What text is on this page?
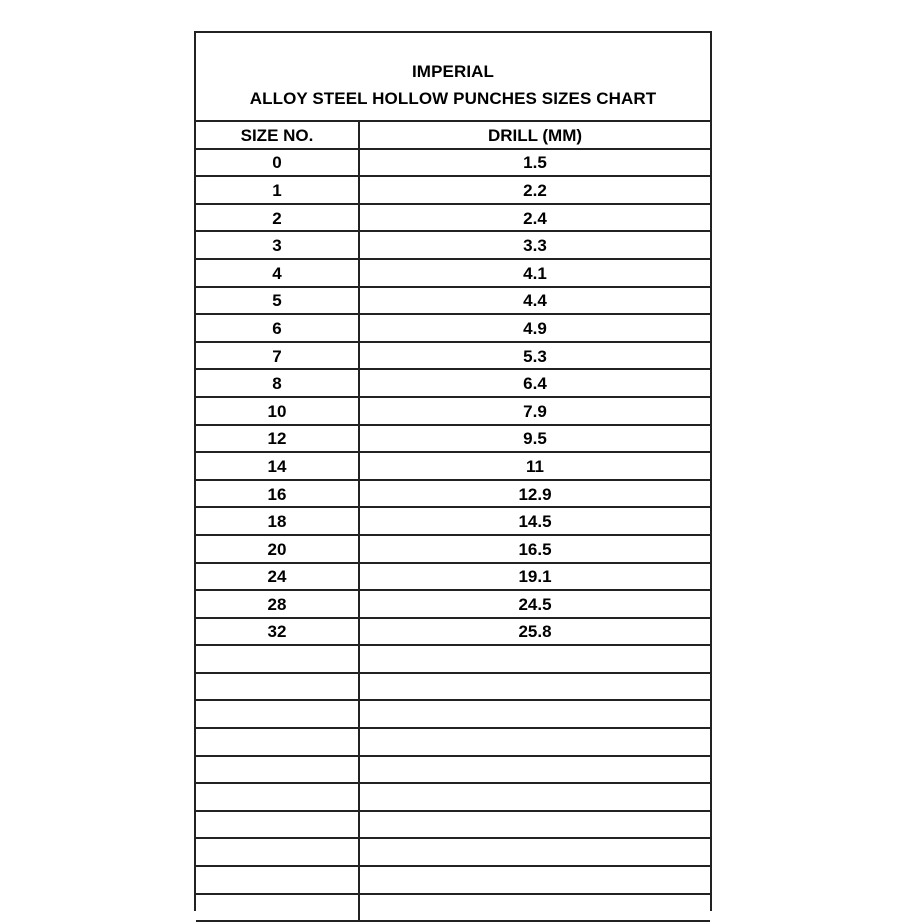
IMPERIAL
ALLOY STEEL HOLLOW PUNCHES SIZES CHART
SIZE NO.	DRILL (MM)
0	1.5
1	2.2
2	2.4
3	3.3
4	4.1
5	4.4
6	4.9
7	5.3
8	6.4
10	7.9
12	9.5
14	11
16	12.9
18	14.5
20	16.5
24	19.1
28	24.5
32	25.8
